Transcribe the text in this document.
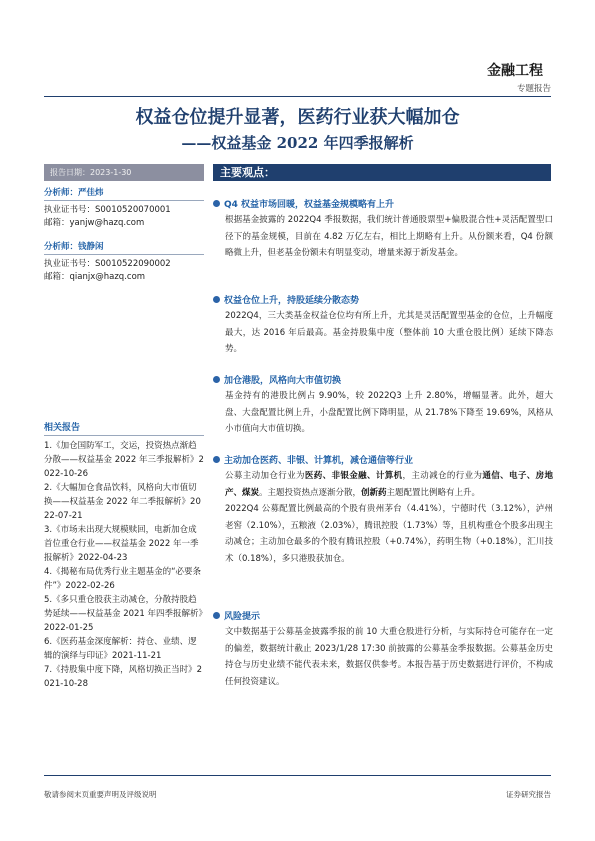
金融工程
专题报告
权益仓位提升显著，医药行业获大幅加仓
——权益基金 2022 年四季报解析
报告日期：2023-1-30
分析师：严佳炜
执业证书号：S0010520070001
邮箱：yanjw@hazq.com
分析师：钱静闲
执业证书号：S0010522090002
邮箱：qianjx@hazq.com
相关报告
1.《加仓国防军工，交运，投资热点渐趋分散——权益基金 2022 年三季报解析》2022-10-26
2.《大幅加仓食品饮料，风格向大市值切换——权益基金 2022 年二季报解析》2022-07-21
3.《市场未出现大规模赎回，电新加仓成首位重仓行业——权益基金 2022 年一季报解析》2022-04-23
4.《揭秘布局优秀行业主题基金的“必要条件”》2022-02-26
5.《多只重仓股获主动减仓，分散持股趋势延续——权益基金 2021 年四季报解析》2022-01-25
6.《医药基金深度解析：持仓、业绩、逻辑的演绎与印证》2021-11-21
7.《持股集中度下降，风格切换正当时》2021-10-28
主要观点：
Q4 权益市场回暖，权益基金规模略有上升
根据基金披露的 2022Q4 季报数据，我们统计普通股票型+偏股混合性+灵活配置型口径下的基金规模，目前在 4.82 万亿左右，相比上期略有上升。从份额来看，Q4 份额略微上升，但老基金份额未有明显变动，增量来源于新发基金。
权益仓位上升，持股延续分散态势
2022Q4，三大类基金权益仓位均有所上升，尤其是灵活配置型基金的仓位，上升幅度最大，达 2016 年后最高。基金持股集中度（整体前 10 大重仓股比例）延续下降态势。
加仓港股，风格向大市值切换
基金持有的港股比例占 9.90%，较 2022Q3 上升 2.80%，增幅显著。此外，超大盘、大盘配置比例上升，小盘配置比例下降明显，从 21.78%下降至 19.69%，风格从小市值向大市值切换。
主动加仓医药、非银、计算机，减仓通信等行业
公募主动加仓行业为医药、非银金融、计算机，主动减仓的行业为通信、电子、房地产、煤炭。主题投资热点逐渐分散，创新药主题配置比例略有上升。
2022Q4 公募配置比例最高的个股有贵州茅台（4.41%），宁德时代（3.12%），泸州老窖（2.10%），五粮液（2.03%），腾讯控股（1.73%）等，且机构重仓个股多出现主动减仓；主动加仓最多的个股有腾讯控股（+0.74%），药明生物（+0.18%），汇川技术（0.18%），多只港股获加仓。
风险提示
文中数据基于公募基金披露季报的前 10 大重仓股进行分析，与实际持仓可能存在一定的偏差，数据统计截止 2023/1/28 17:30 前披露的公募基金季报数据。公募基金历史持仓与历史业绩不能代表未来，数据仅供参考。本报告基于历史数据进行评价，不构成任何投资建议。
敬请参阅末页重要声明及评级说明	证券研究报告
